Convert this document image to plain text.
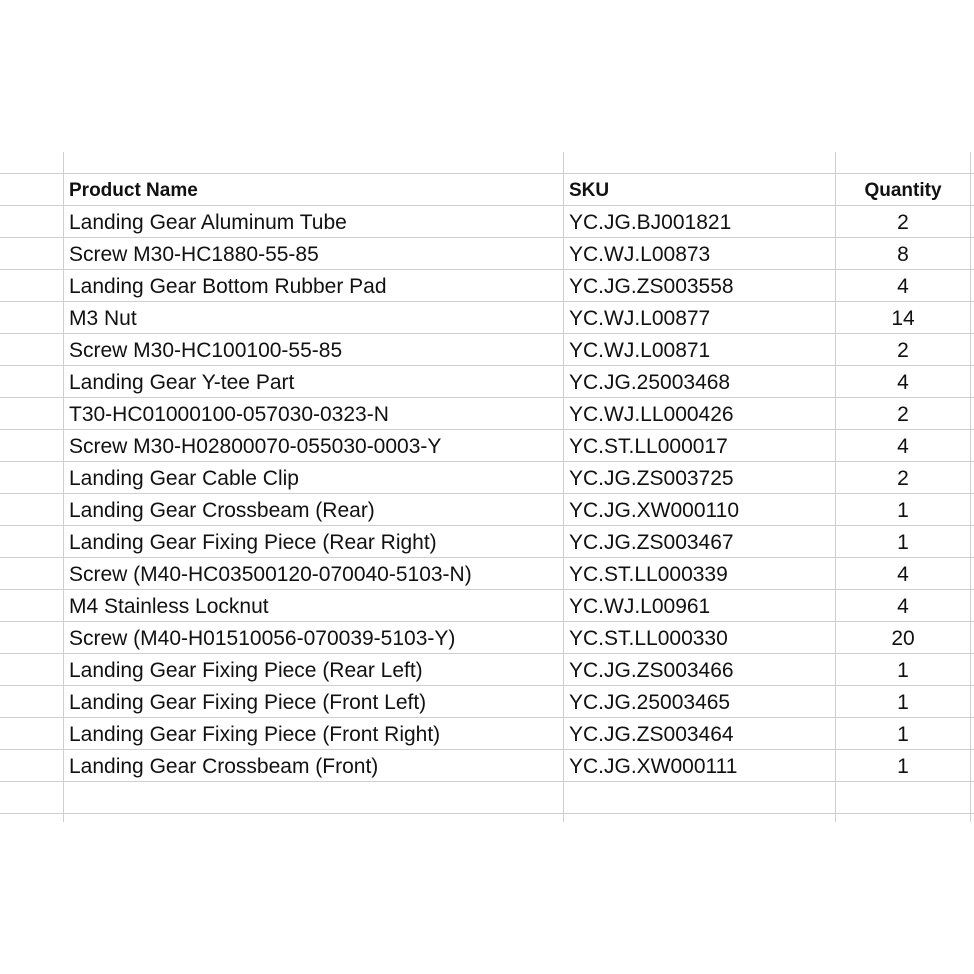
Product Name	SKU	Quantity
Landing Gear Aluminum Tube	YC.JG.BJ001821	2
Screw M30-HC1880-55-85	YC.WJ.L00873	8
Landing Gear Bottom Rubber Pad	YC.JG.ZS003558	4
M3 Nut	YC.WJ.L00877	14
Screw M30-HC100100-55-85	YC.WJ.L00871	2
Landing Gear Y-tee Part	YC.JG.25003468	4
T30-HC01000100-057030-0323-N	YC.WJ.LL000426	2
Screw M30-H02800070-055030-0003-Y	YC.ST.LL000017	4
Landing Gear Cable Clip	YC.JG.ZS003725	2
Landing Gear Crossbeam (Rear)	YC.JG.XW000110	1
Landing Gear Fixing Piece (Rear Right)	YC.JG.ZS003467	1
Screw (M40-HC03500120-070040-5103-N)	YC.ST.LL000339	4
M4 Stainless Locknut	YC.WJ.L00961	4
Screw (M40-H01510056-070039-5103-Y)	YC.ST.LL000330	20
Landing Gear Fixing Piece (Rear Left)	YC.JG.ZS003466	1
Landing Gear Fixing Piece (Front Left)	YC.JG.25003465	1
Landing Gear Fixing Piece (Front Right)	YC.JG.ZS003464	1
Landing Gear Crossbeam (Front)	YC.JG.XW000111	1
